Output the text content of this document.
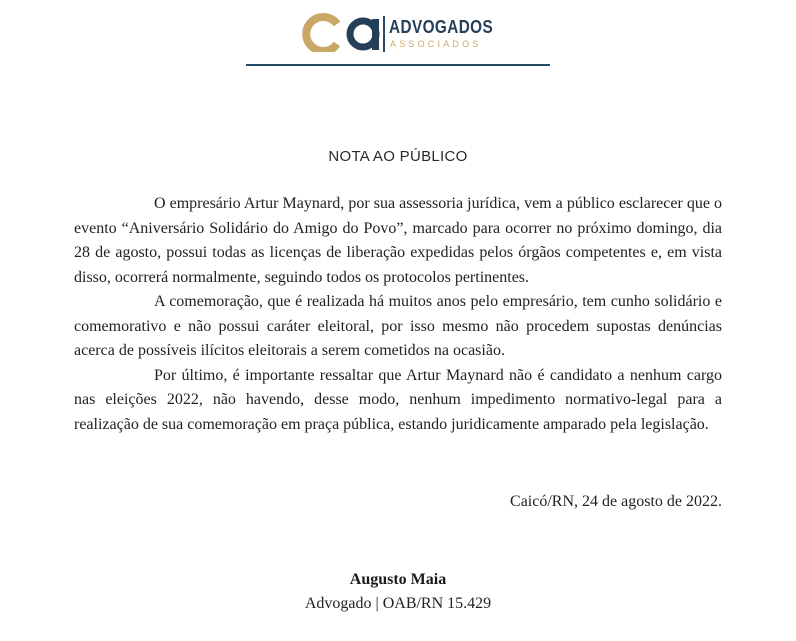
ADVOGADOS
ASSOCIADOS
NOTA AO PÚBLICO

O empresário Artur Maynard, por sua assessoria jurídica, vem a público esclarecer que o evento “Aniversário Solidário do Amigo do Povo”, marcado para ocorrer no próximo domingo, dia 28 de agosto, possui todas as licenças de liberação expedidas pelos órgãos competentes e, em vista disso, ocorrerá normalmente, seguindo todos os protocolos pertinentes.

A comemoração, que é realizada há muitos anos pelo empresário, tem cunho solidário e comemorativo e não possui caráter eleitoral, por isso mesmo não procedem supostas denúncias acerca de possíveis ilícitos eleitorais a serem cometidos na ocasião.

Por último, é importante ressaltar que Artur Maynard não é candidato a nenhum cargo nas eleições 2022, não havendo, desse modo, nenhum impedimento normativo-legal para a realização de sua comemoração em praça pública, estando juridicamente amparado pela legislação.

Caicó/RN, 24 de agosto de 2022.
Augusto Maia
Advogado | OAB/RN 15.429
